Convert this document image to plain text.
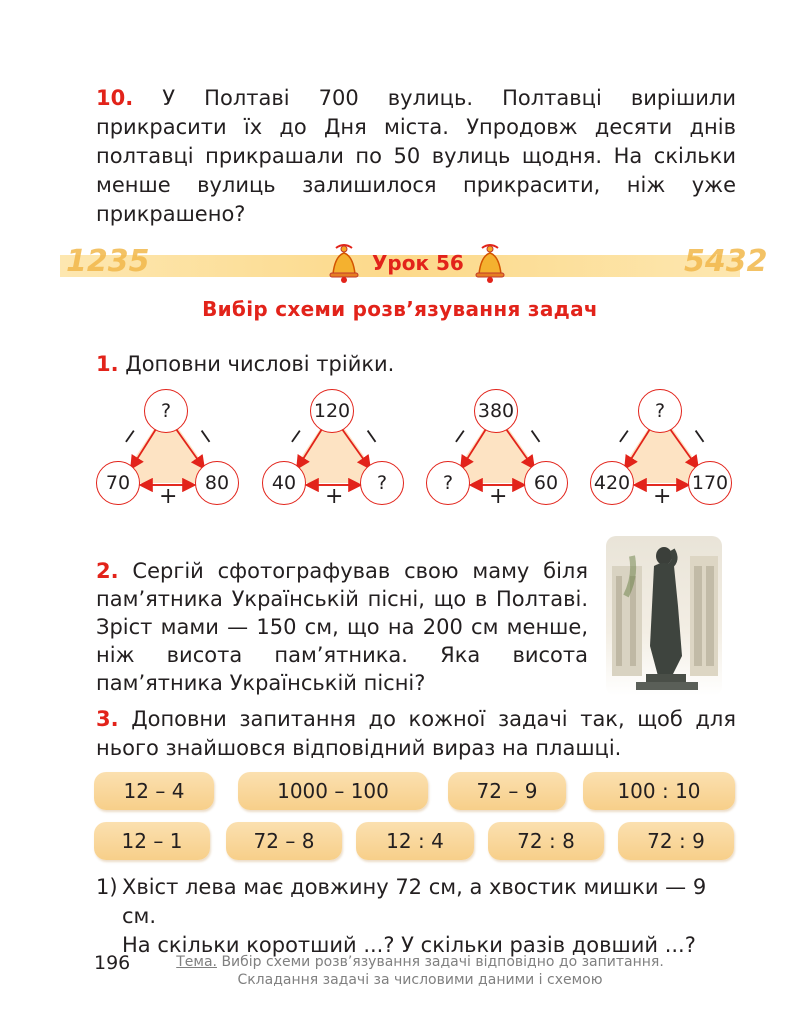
10. У Полтаві 700 вулиць. Полтавці вирішили прикрасити їх до Дня міста. Упродовж десяти днів полтавці прикрашали по 50 вулиць щодня. На скільки менше вулиць залишилося прикрасити, ніж уже прикрашено?
1235	5432
Урок 56
Вибір схеми розв’язування задач
1. Доповни числові трійки.
?
70	80
− −
+
120
40	?
− −
+
380
?	60
− −
+
?
420	170
− −
+
2. Сергій сфотографував свою маму біля пам’ятника Українській пісні, що в Полтаві. Зріст мами — 150 см, що на 200 см менше, ніж висота пам’ятника. Яка висота пам’ятника Українській пісні?
3. Доповни запитання до кожної задачі так, щоб для нього знайшовся відповідний вираз на плашці.
12 – 4	1000 – 100	72 – 9	100 : 10
12 – 1	72 – 8	12 : 4	72 : 8	72 : 9
1) Хвіст лева має довжину 72 см, а хвостик мишки — 9 см.
На скільки коротший ...? У скільки разів довший ...?
196	Тема. Вибір схеми розв’язування задачі відповідно до запитання.
Складання задачі за числовими даними і схемою
